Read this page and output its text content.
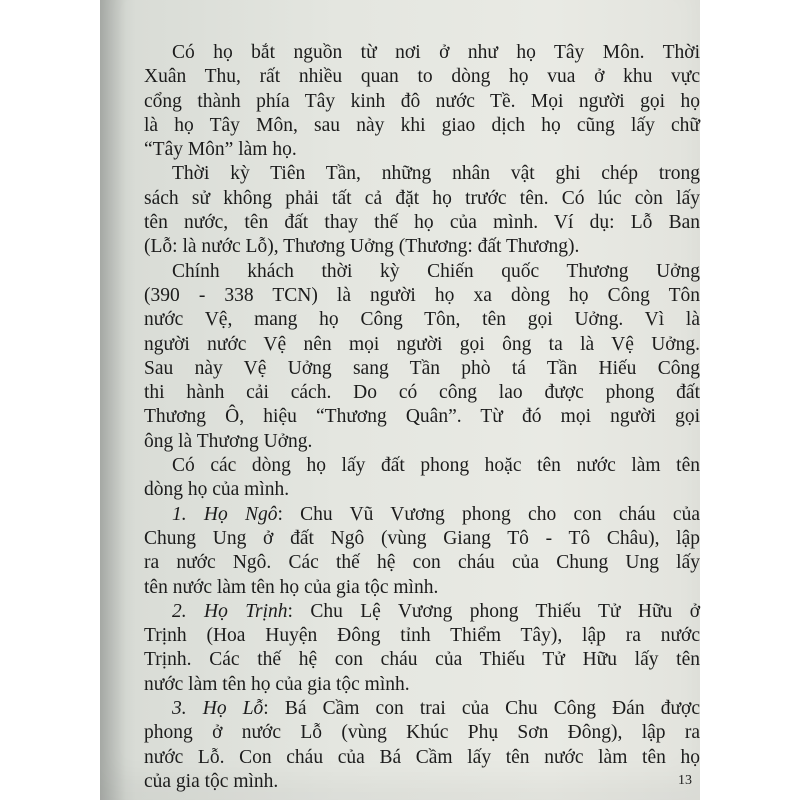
Có họ bắt nguồn từ nơi ở như họ Tây Môn. Thời
Xuân Thu, rất nhiều quan to dòng họ vua ở khu vực
cổng thành phía Tây kinh đô nước Tề. Mọi người gọi họ
là họ Tây Môn, sau này khi giao dịch họ cũng lấy chữ
“Tây Môn” làm họ.

Thời kỳ Tiên Tần, những nhân vật ghi chép trong
sách sử không phải tất cả đặt họ trước tên. Có lúc còn lấy
tên nước, tên đất thay thế họ của mình. Ví dụ: Lỗ Ban
(Lỗ: là nước Lỗ), Thương Uởng (Thương: đất Thương).

Chính khách thời kỳ Chiến quốc Thương Uởng
(390 - 338 TCN) là người họ xa dòng họ Công Tôn
nước Vệ, mang họ Công Tôn, tên gọi Uởng. Vì là
người nước Vệ nên mọi người gọi ông ta là Vệ Uởng.
Sau này Vệ Uởng sang Tần phò tá Tần Hiếu Công
thi hành cải cách. Do có công lao được phong đất
Thương Ô, hiệu “Thương Quân”. Từ đó mọi người gọi
ông là Thương Uởng.

Có các dòng họ lấy đất phong hoặc tên nước làm tên
dòng họ của mình.

1. Họ Ngô: Chu Vũ Vương phong cho con cháu của
Chung Ung ở đất Ngô (vùng Giang Tô - Tô Châu), lập
ra nước Ngô. Các thế hệ con cháu của Chung Ung lấy
tên nước làm tên họ của gia tộc mình.

2. Họ Trịnh: Chu Lệ Vương phong Thiếu Tử Hữu ở
Trịnh (Hoa Huyện Đông tỉnh Thiểm Tây), lập ra nước
Trịnh. Các thế hệ con cháu của Thiếu Tử Hữu lấy tên
nước làm tên họ của gia tộc mình.

3. Họ Lỗ: Bá Cầm con trai của Chu Công Đán được
phong ở nước Lỗ (vùng Khúc Phụ Sơn Đông), lập ra
nước Lỗ. Con cháu của Bá Cầm lấy tên nước làm tên họ
của gia tộc mình.	13
